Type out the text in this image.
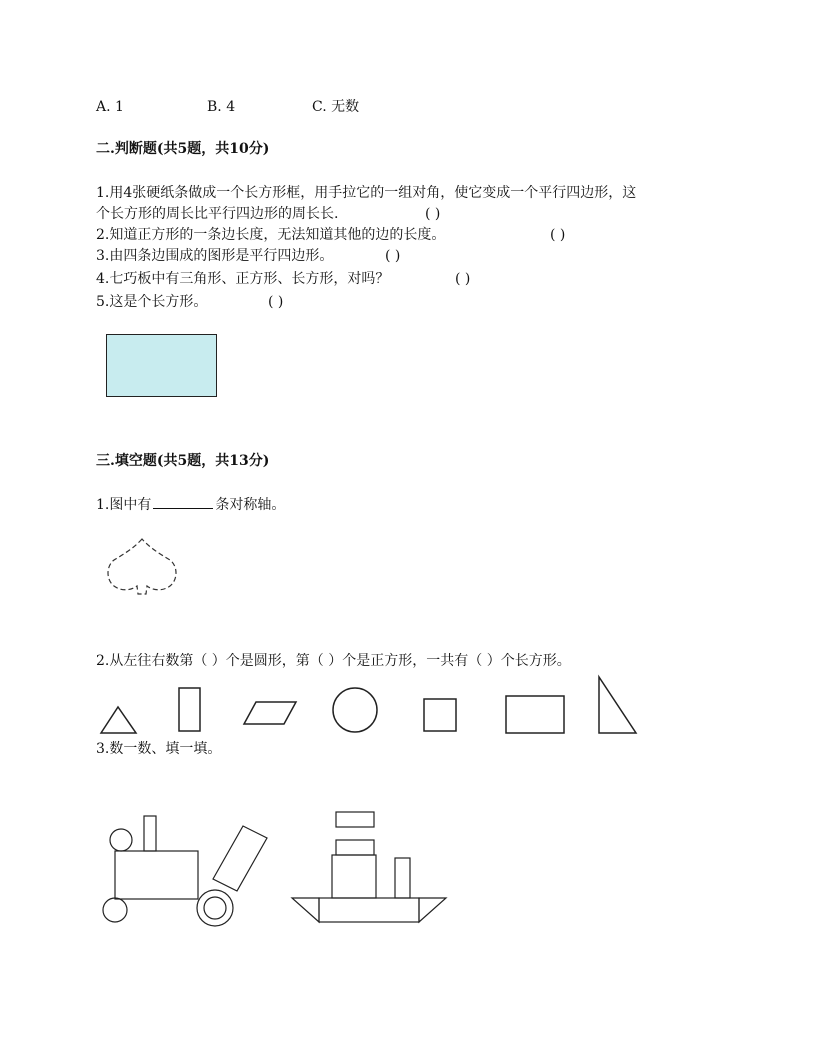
A. 1	B. 4	C. 无数
二.判断题(共5题，共10分)
1.用4张硬纸条做成一个长方形框，用手拉它的一组对角，使它变成一个平行四边形，这
个长方形的周长比平行四边形的周长长.	( )
2.知道正方形的一条边长度，无法知道其他的边的长度。	( )
3.由四条边围成的图形是平行四边形。	( )
4.七巧板中有三角形、正方形、长方形，对吗？	( )
5.这是个长方形。	( )
三.填空题(共5题，共13分)
1.图中有	条对称轴。
2.从左往右数第（ ）个是圆形，第（ ）个是正方形，一共有（ ）个长方形。
3.数一数、填一填。
